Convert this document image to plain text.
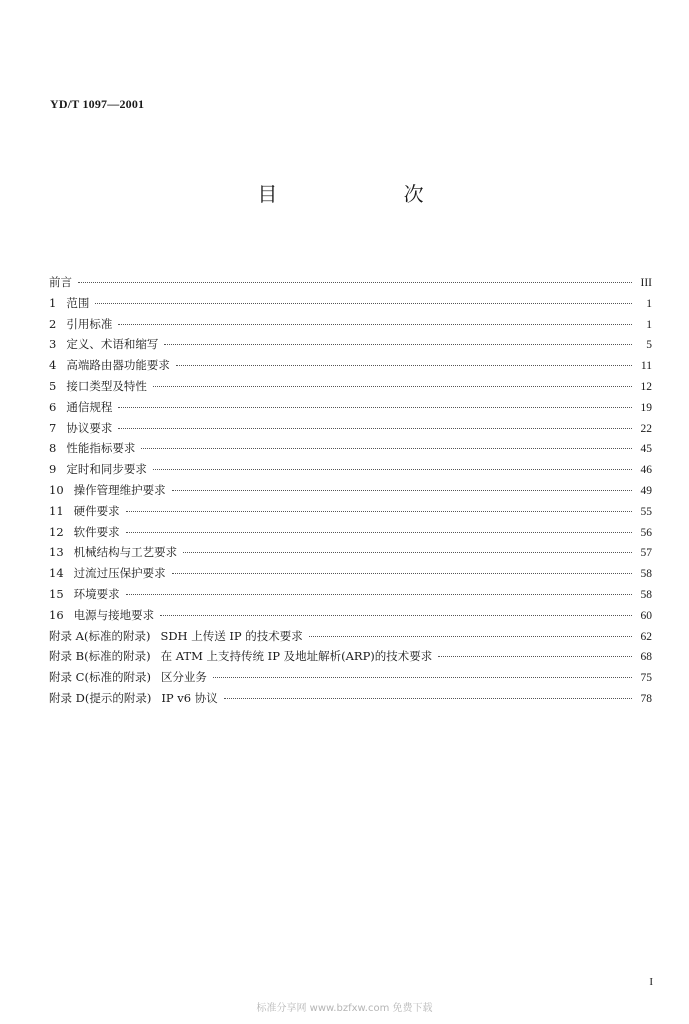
YD/T 1097—2001
目 次
前言	III
1 范围	1
2 引用标准	1
3 定义、术语和缩写	5
4 高端路由器功能要求	11
5 接口类型及特性	12
6 通信规程	19
7 协议要求	22
8 性能指标要求	45
9 定时和同步要求	46
10 操作管理维护要求	49
11 硬件要求	55
12 软件要求	56
13 机械结构与工艺要求	57
14 过流过压保护要求	58
15 环境要求	58
16 电源与接地要求	60
附录 A(标准的附录) SDH 上传送 IP 的技术要求	62
附录 B(标准的附录) 在 ATM 上支持传统 IP 及地址解析(ARP)的技术要求	68
附录 C(标准的附录) 区分业务	75
附录 D(提示的附录) IP v6 协议	78
I
标准分享网 www.bzfxw.com 免费下载
